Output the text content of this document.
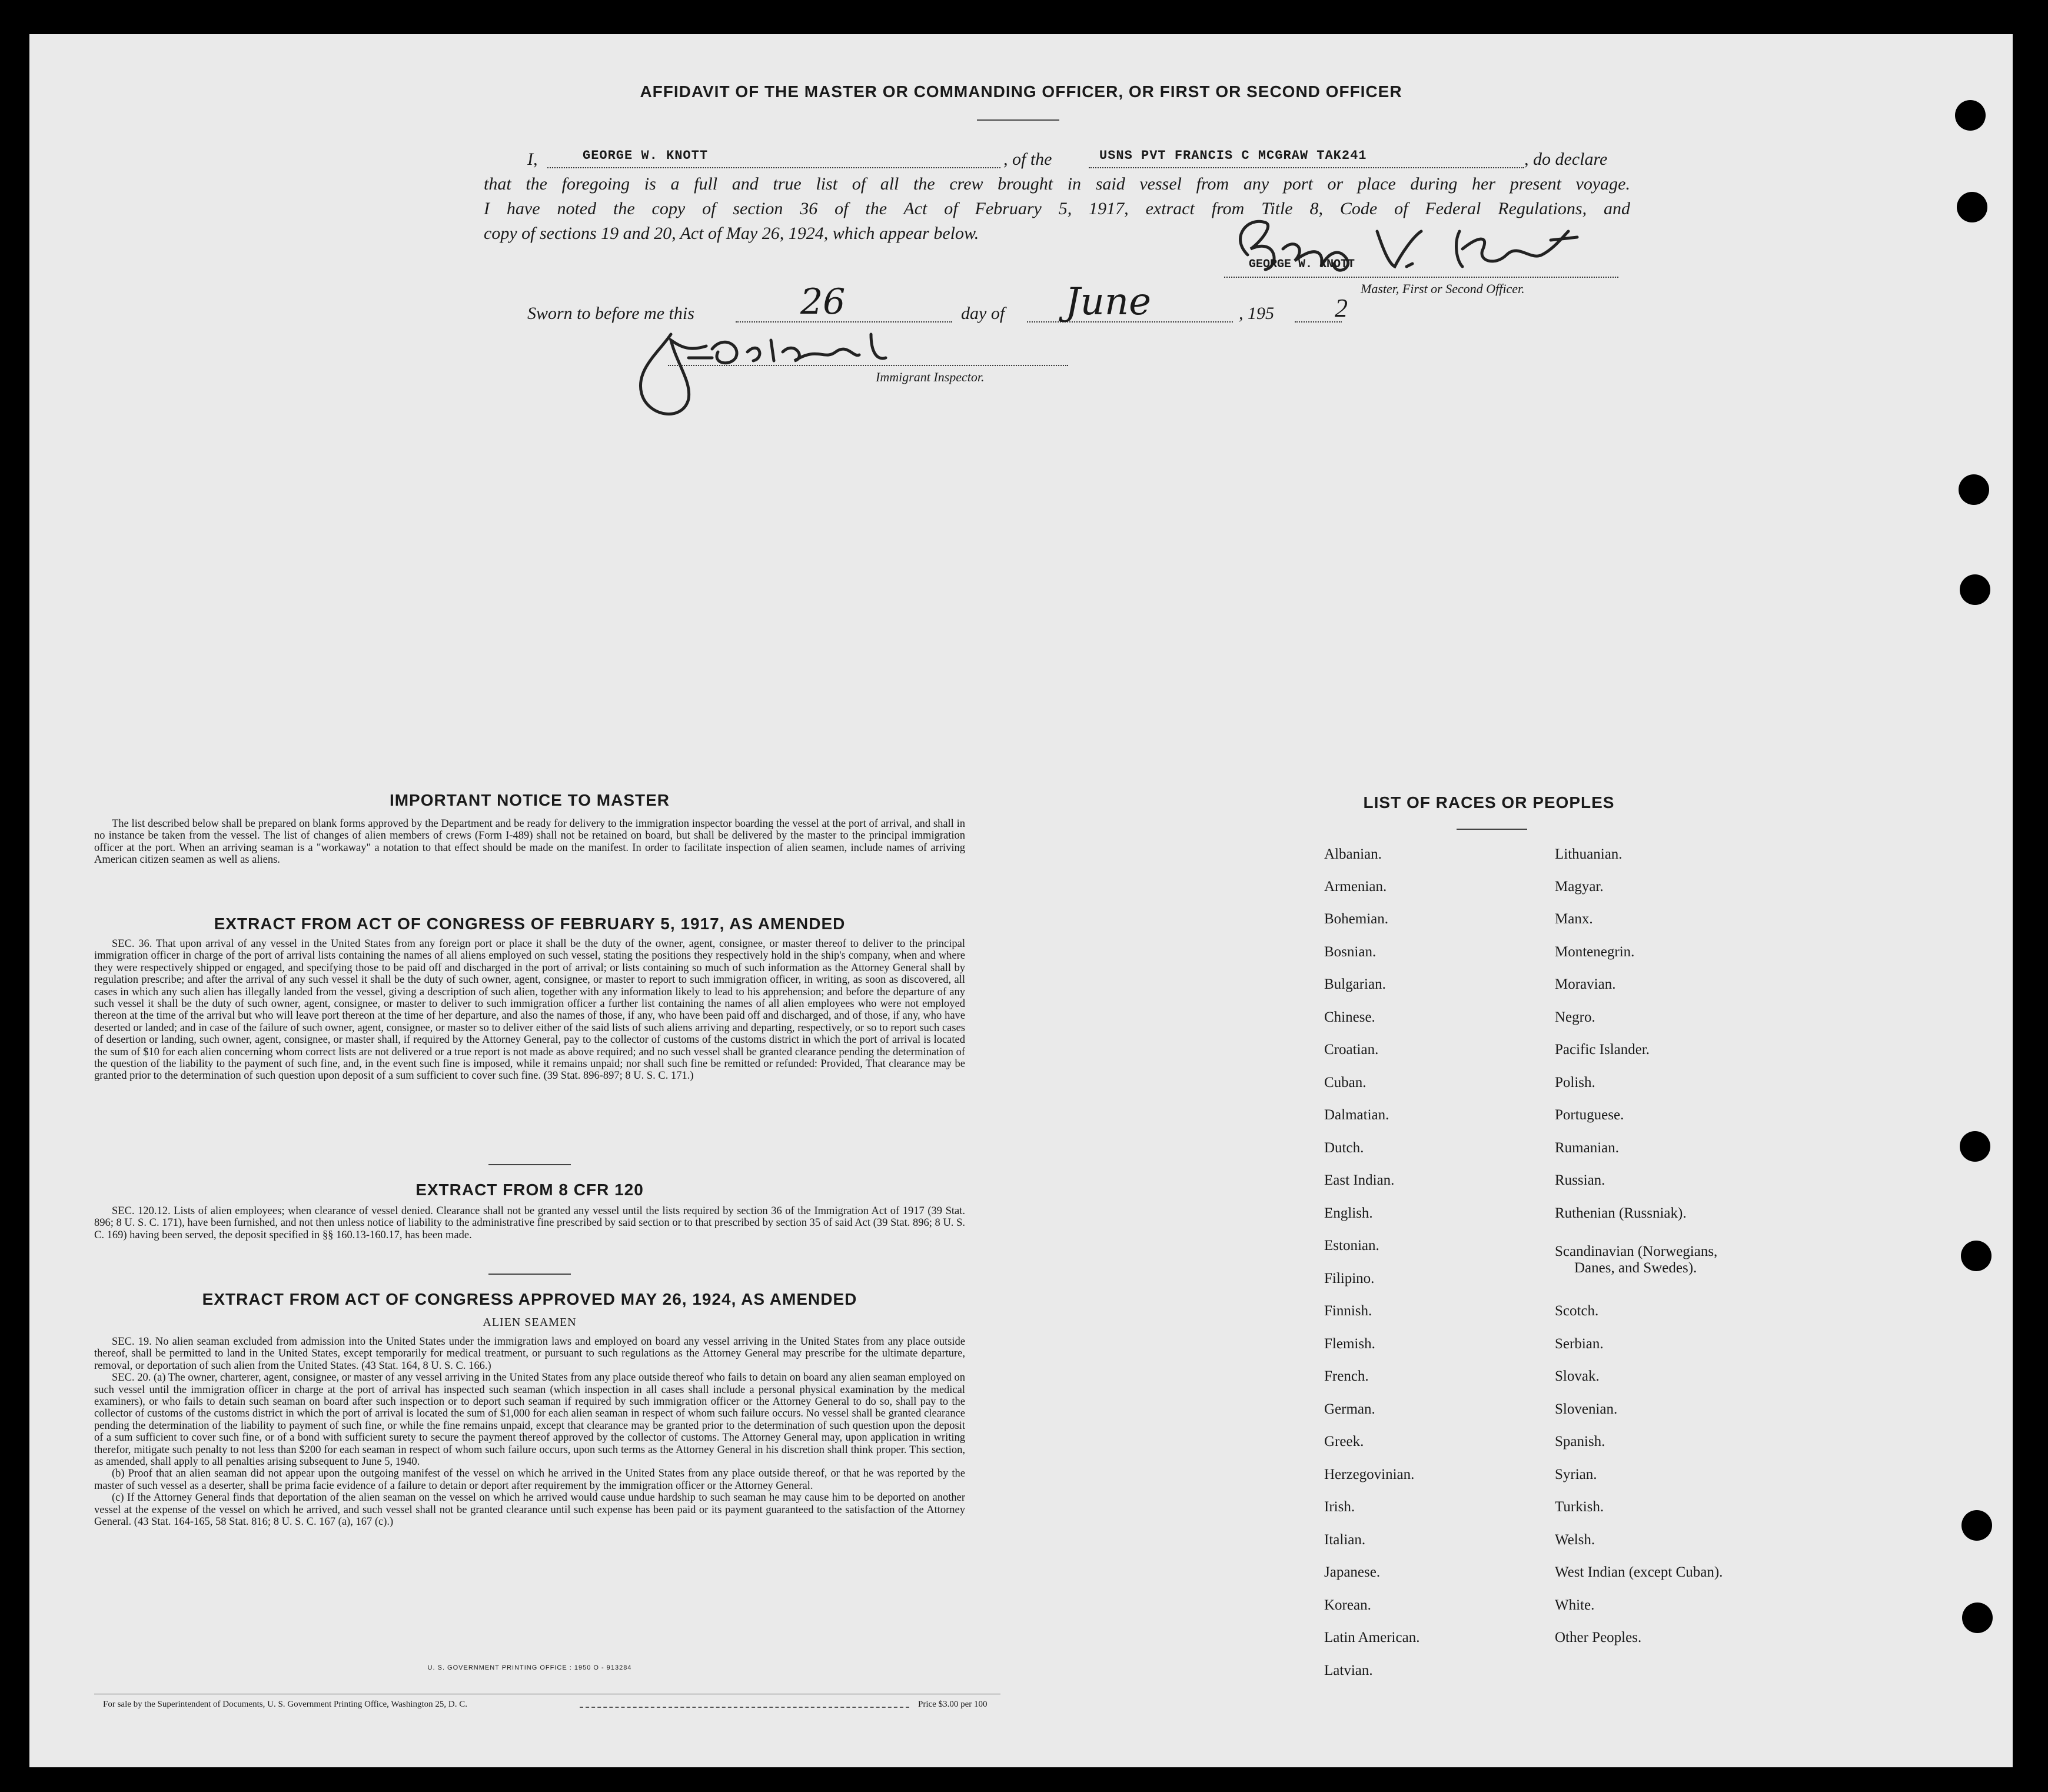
AFFIDAVIT OF THE MASTER OR COMMANDING OFFICER, OR FIRST OR SECOND OFFICER
I,	GEORGE W. KNOTT	, of the	USNS PVT FRANCIS C MCGRAW TAK241	, do declare
that the foregoing is a full and true list of all the crew brought in said vessel from any port or place during her present voyage.
I have noted the copy of section 36 of the Act of February 5, 1917, extract from Title 8, Code of Federal Regulations, and
copy of sections 19 and 20, Act of May 26, 1924, which appear below.
GEORGE W. KNOTT
Master, First or Second Officer.
Sworn to before me this	26	day of June	, 195 2
Immigrant Inspector.
IMPORTANT NOTICE TO MASTER
The list described below shall be prepared on blank forms approved by the Department and be ready for delivery to the immigration inspector boarding the vessel at the port of arrival, and shall in no instance be taken from the vessel. The list of changes of alien members of crews (Form I-489) shall not be retained on board, but shall be delivered by the master to the principal immigration officer at the port. When an arriving seaman is a "workaway" a notation to that effect should be made on the manifest. In order to facilitate inspection of alien seamen, include names of arriving American citizen seamen as well as aliens.
EXTRACT FROM ACT OF CONGRESS OF FEBRUARY 5, 1917, AS AMENDED
SEC. 36. That upon arrival of any vessel in the United States from any foreign port or place it shall be the duty of the owner, agent, consignee, or master thereof to deliver to the principal immigration officer in charge of the port of arrival lists containing the names of all aliens employed on such vessel, stating the positions they respectively hold in the ship's company, when and where they were respectively shipped or engaged, and specifying those to be paid off and discharged in the port of arrival; or lists containing so much of such information as the Attorney General shall by regulation prescribe; and after the arrival of any such vessel it shall be the duty of such owner, agent, consignee, or master to report to such immigration officer, in writing, as soon as discovered, all cases in which any such alien has illegally landed from the vessel, giving a description of such alien, together with any information likely to lead to his apprehension; and before the departure of any such vessel it shall be the duty of such owner, agent, consignee, or master to deliver to such immigration officer a further list containing the names of all alien employees who were not employed thereon at the time of the arrival but who will leave port thereon at the time of her departure, and also the names of those, if any, who have been paid off and discharged, and of those, if any, who have deserted or landed; and in case of the failure of such owner, agent, consignee, or master so to deliver either of the said lists of such aliens arriving and departing, respectively, or so to report such cases of desertion or landing, such owner, agent, consignee, or master shall, if required by the Attorney General, pay to the collector of customs of the customs district in which the port of arrival is located the sum of $10 for each alien concerning whom correct lists are not delivered or a true report is not made as above required; and no such vessel shall be granted clearance pending the determination of the question of the liability to the payment of such fine, and, in the event such fine is imposed, while it remains unpaid; nor shall such fine be remitted or refunded: Provided, That clearance may be granted prior to the determination of such question upon deposit of a sum sufficient to cover such fine. (39 Stat. 896-897; 8 U. S. C. 171.)
EXTRACT FROM 8 CFR 120
SEC. 120.12. Lists of alien employees; when clearance of vessel denied. Clearance shall not be granted any vessel until the lists required by section 36 of the Immigration Act of 1917 (39 Stat. 896; 8 U. S. C. 171), have been furnished, and not then unless notice of liability to the administrative fine prescribed by said section or to that prescribed by section 35 of said Act (39 Stat. 896; 8 U. S. C. 169) having been served, the deposit specified in §§ 160.13-160.17, has been made.
EXTRACT FROM ACT OF CONGRESS APPROVED MAY 26, 1924, AS AMENDED
ALIEN SEAMEN

SEC. 19. No alien seaman excluded from admission into the United States under the immigration laws and employed on board any vessel arriving in the United States from any place outside thereof, shall be permitted to land in the United States, except temporarily for medical treatment, or pursuant to such regulations as the Attorney General may prescribe for the ultimate departure, removal, or deportation of such alien from the United States. (43 Stat. 164, 8 U. S. C. 166.)

SEC. 20. (a) The owner, charterer, agent, consignee, or master of any vessel arriving in the United States from any place outside thereof who fails to detain on board any alien seaman employed on such vessel until the immigration officer in charge at the port of arrival has inspected such seaman (which inspection in all cases shall include a personal physical examination by the medical examiners), or who fails to detain such seaman on board after such inspection or to deport such seaman if required by such immigration officer or the Attorney General to do so, shall pay to the collector of customs of the customs district in which the port of arrival is located the sum of $1,000 for each alien seaman in respect of whom such failure occurs. No vessel shall be granted clearance pending the determination of the liability to payment of such fine, or while the fine remains unpaid, except that clearance may be granted prior to the determination of such question upon the deposit of a sum sufficient to cover such fine, or of a bond with sufficient surety to secure the payment thereof approved by the collector of customs. The Attorney General may, upon application in writing therefor, mitigate such penalty to not less than $200 for each seaman in respect of whom such failure occurs, upon such terms as the Attorney General in his discretion shall think proper. This section, as amended, shall apply to all penalties arising subsequent to June 5, 1940.

(b) Proof that an alien seaman did not appear upon the outgoing manifest of the vessel on which he arrived in the United States from any place outside thereof, or that he was reported by the master of such vessel as a deserter, shall be prima facie evidence of a failure to detain or deport after requirement by the immigration officer or the Attorney General.

(c) If the Attorney General finds that deportation of the alien seaman on the vessel on which he arrived would cause undue hardship to such seaman he may cause him to be deported on another vessel at the expense of the vessel on which he arrived, and such vessel shall not be granted clearance until such expense has been paid or its payment guaranteed to the satisfaction of the Attorney General. (43 Stat. 164-165, 58 Stat. 816; 8 U. S. C. 167 (a), 167 (c).)

U. S. GOVERNMENT PRINTING OFFICE : 1950 O - 913284
For sale by the Superintendent of Documents, U. S. Government Printing Office, Washington 25, D. C.	Price $3.00 per 100
LIST OF RACES OR PEOPLES
Albanian.
Armenian.
Bohemian.
Bosnian.
Bulgarian.
Chinese.
Croatian.
Cuban.
Dalmatian.
Dutch.
East Indian.
English.
Estonian.
Filipino.
Finnish.
Flemish.
French.
German.
Greek.
Herzegovinian.
Irish.
Italian.
Japanese.
Korean.
Latin American.
Latvian.
Lithuanian.
Magyar.
Manx.
Montenegrin.
Moravian.
Negro.
Pacific Islander.
Polish.
Portuguese.
Rumanian.
Russian.
Ruthenian (Russniak).
Scandinavian (Norwegians,
Danes, and Swedes).
Scotch.
Serbian.
Slovak.
Slovenian.
Spanish.
Syrian.
Turkish.
Welsh.
West Indian (except Cuban).
White.
Other Peoples.
